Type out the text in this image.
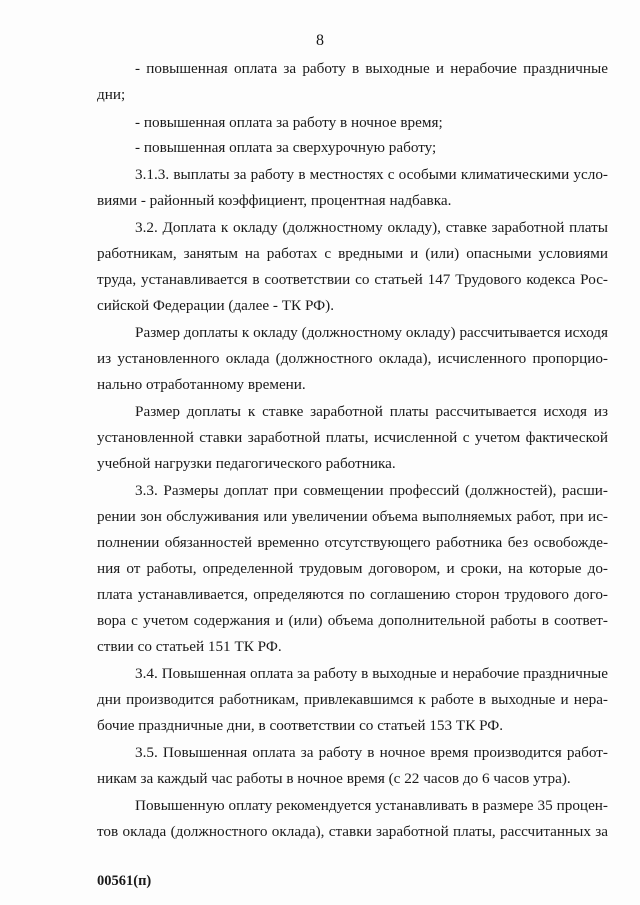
8
- повышенная оплата за работу в выходные и нерабочие праздничные
дни;
- повышенная оплата за работу в ночное время;
- повышенная оплата за сверхурочную работу;
3.1.3. выплаты за работу в местностях с особыми климатическими усло-
виями - районный коэффициент, процентная надбавка.
3.2. Доплата к окладу (должностному окладу), ставке заработной платы
работникам, занятым на работах с вредными и (или) опасными условиями
труда, устанавливается в соответствии со статьей 147 Трудового кодекса Рос-
сийской Федерации (далее - ТК РФ).
Размер доплаты к окладу (должностному окладу) рассчитывается исходя
из установленного оклада (должностного оклада), исчисленного пропорцио-
нально отработанному времени.
Размер доплаты к ставке заработной платы рассчитывается исходя из
установленной ставки заработной платы, исчисленной с учетом фактической
учебной нагрузки педагогического работника.
3.3. Размеры доплат при совмещении профессий (должностей), расши-
рении зон обслуживания или увеличении объема выполняемых работ, при ис-
полнении обязанностей временно отсутствующего работника без освобожде-
ния от работы, определенной трудовым договором, и сроки, на которые до-
плата устанавливается, определяются по соглашению сторон трудового дого-
вора с учетом содержания и (или) объема дополнительной работы в соответ-
ствии со статьей 151 ТК РФ.
3.4. Повышенная оплата за работу в выходные и нерабочие праздничные
дни производится работникам, привлекавшимся к работе в выходные и нера-
бочие праздничные дни, в соответствии со статьей 153 ТК РФ.
3.5. Повышенная оплата за работу в ночное время производится работ-
никам за каждый час работы в ночное время (с 22 часов до 6 часов утра).
Повышенную оплату рекомендуется устанавливать в размере 35 процен-
тов оклада (должностного оклада), ставки заработной платы, рассчитанных за
00561(п)
